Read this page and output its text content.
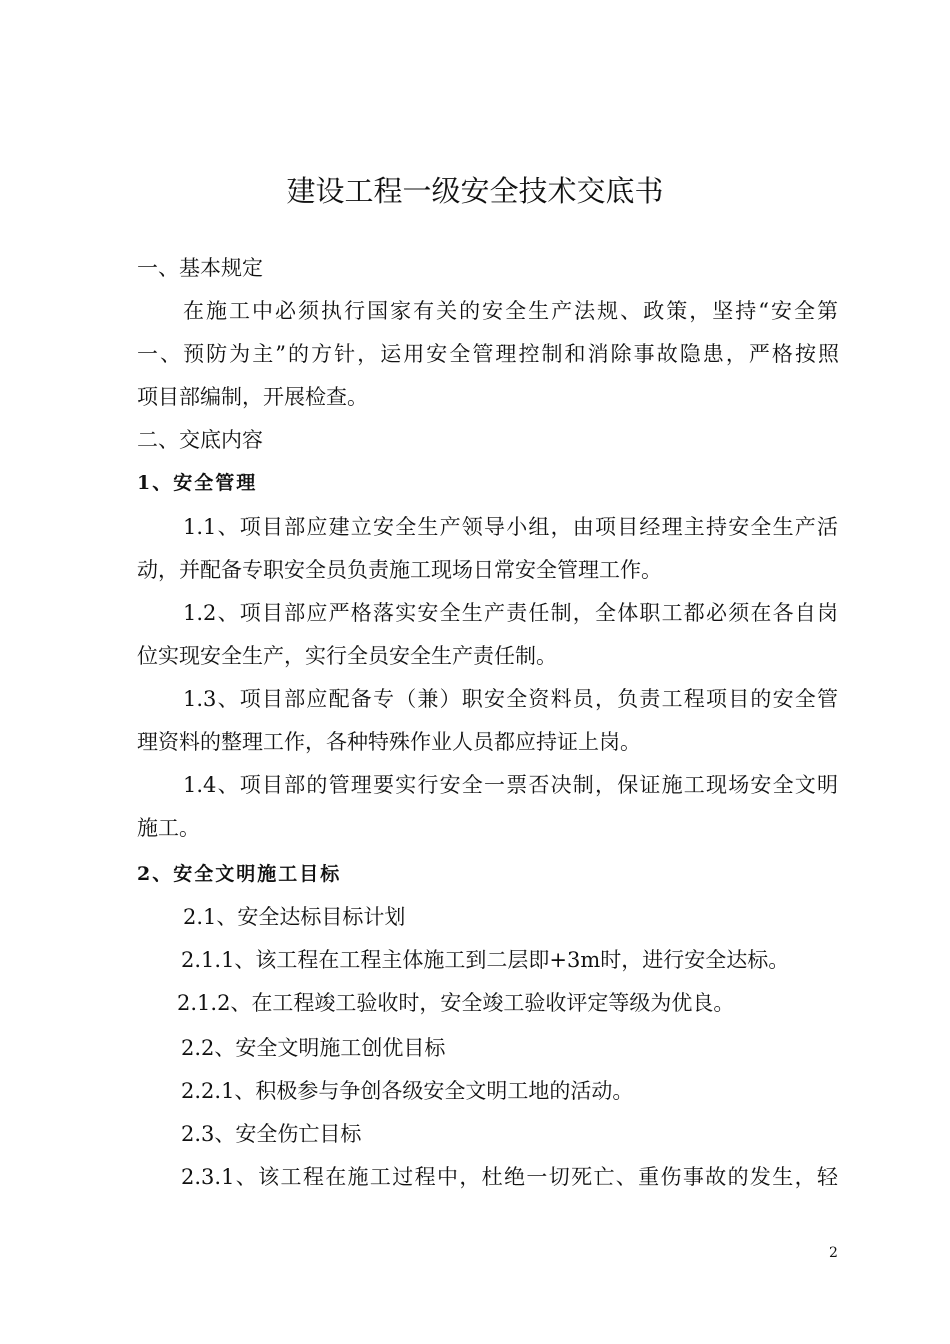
建设工程一级安全技术交底书

一、基本规定

在施工中必须执行国家有关的安全生产法规、政策，坚持“安全第

一、预防为主”的方针，运用安全管理控制和消除事故隐患，严格按照

项目部编制，开展检查。

二、交底内容

1、安全管理

1.1、项目部应建立安全生产领导小组，由项目经理主持安全生产活

动，并配备专职安全员负责施工现场日常安全管理工作。

1.2、项目部应严格落实安全生产责任制，全体职工都必须在各自岗

位实现安全生产，实行全员安全生产责任制。

1.3、项目部应配备专（兼）职安全资料员，负责工程项目的安全管

理资料的整理工作，各种特殊作业人员都应持证上岗。

1.4、项目部的管理要实行安全一票否决制，保证施工现场安全文明

施工。

2、安全文明施工目标

2.1、安全达标目标计划

2.1.1、该工程在工程主体施工到二层即+3m时，进行安全达标。

2.1.2、在工程竣工验收时，安全竣工验收评定等级为优良。

2.2、安全文明施工创优目标

2.2.1、积极参与争创各级安全文明工地的活动。

2.3、安全伤亡目标

2.3.1、该工程在施工过程中，杜绝一切死亡、重伤事故的发生，轻

2
